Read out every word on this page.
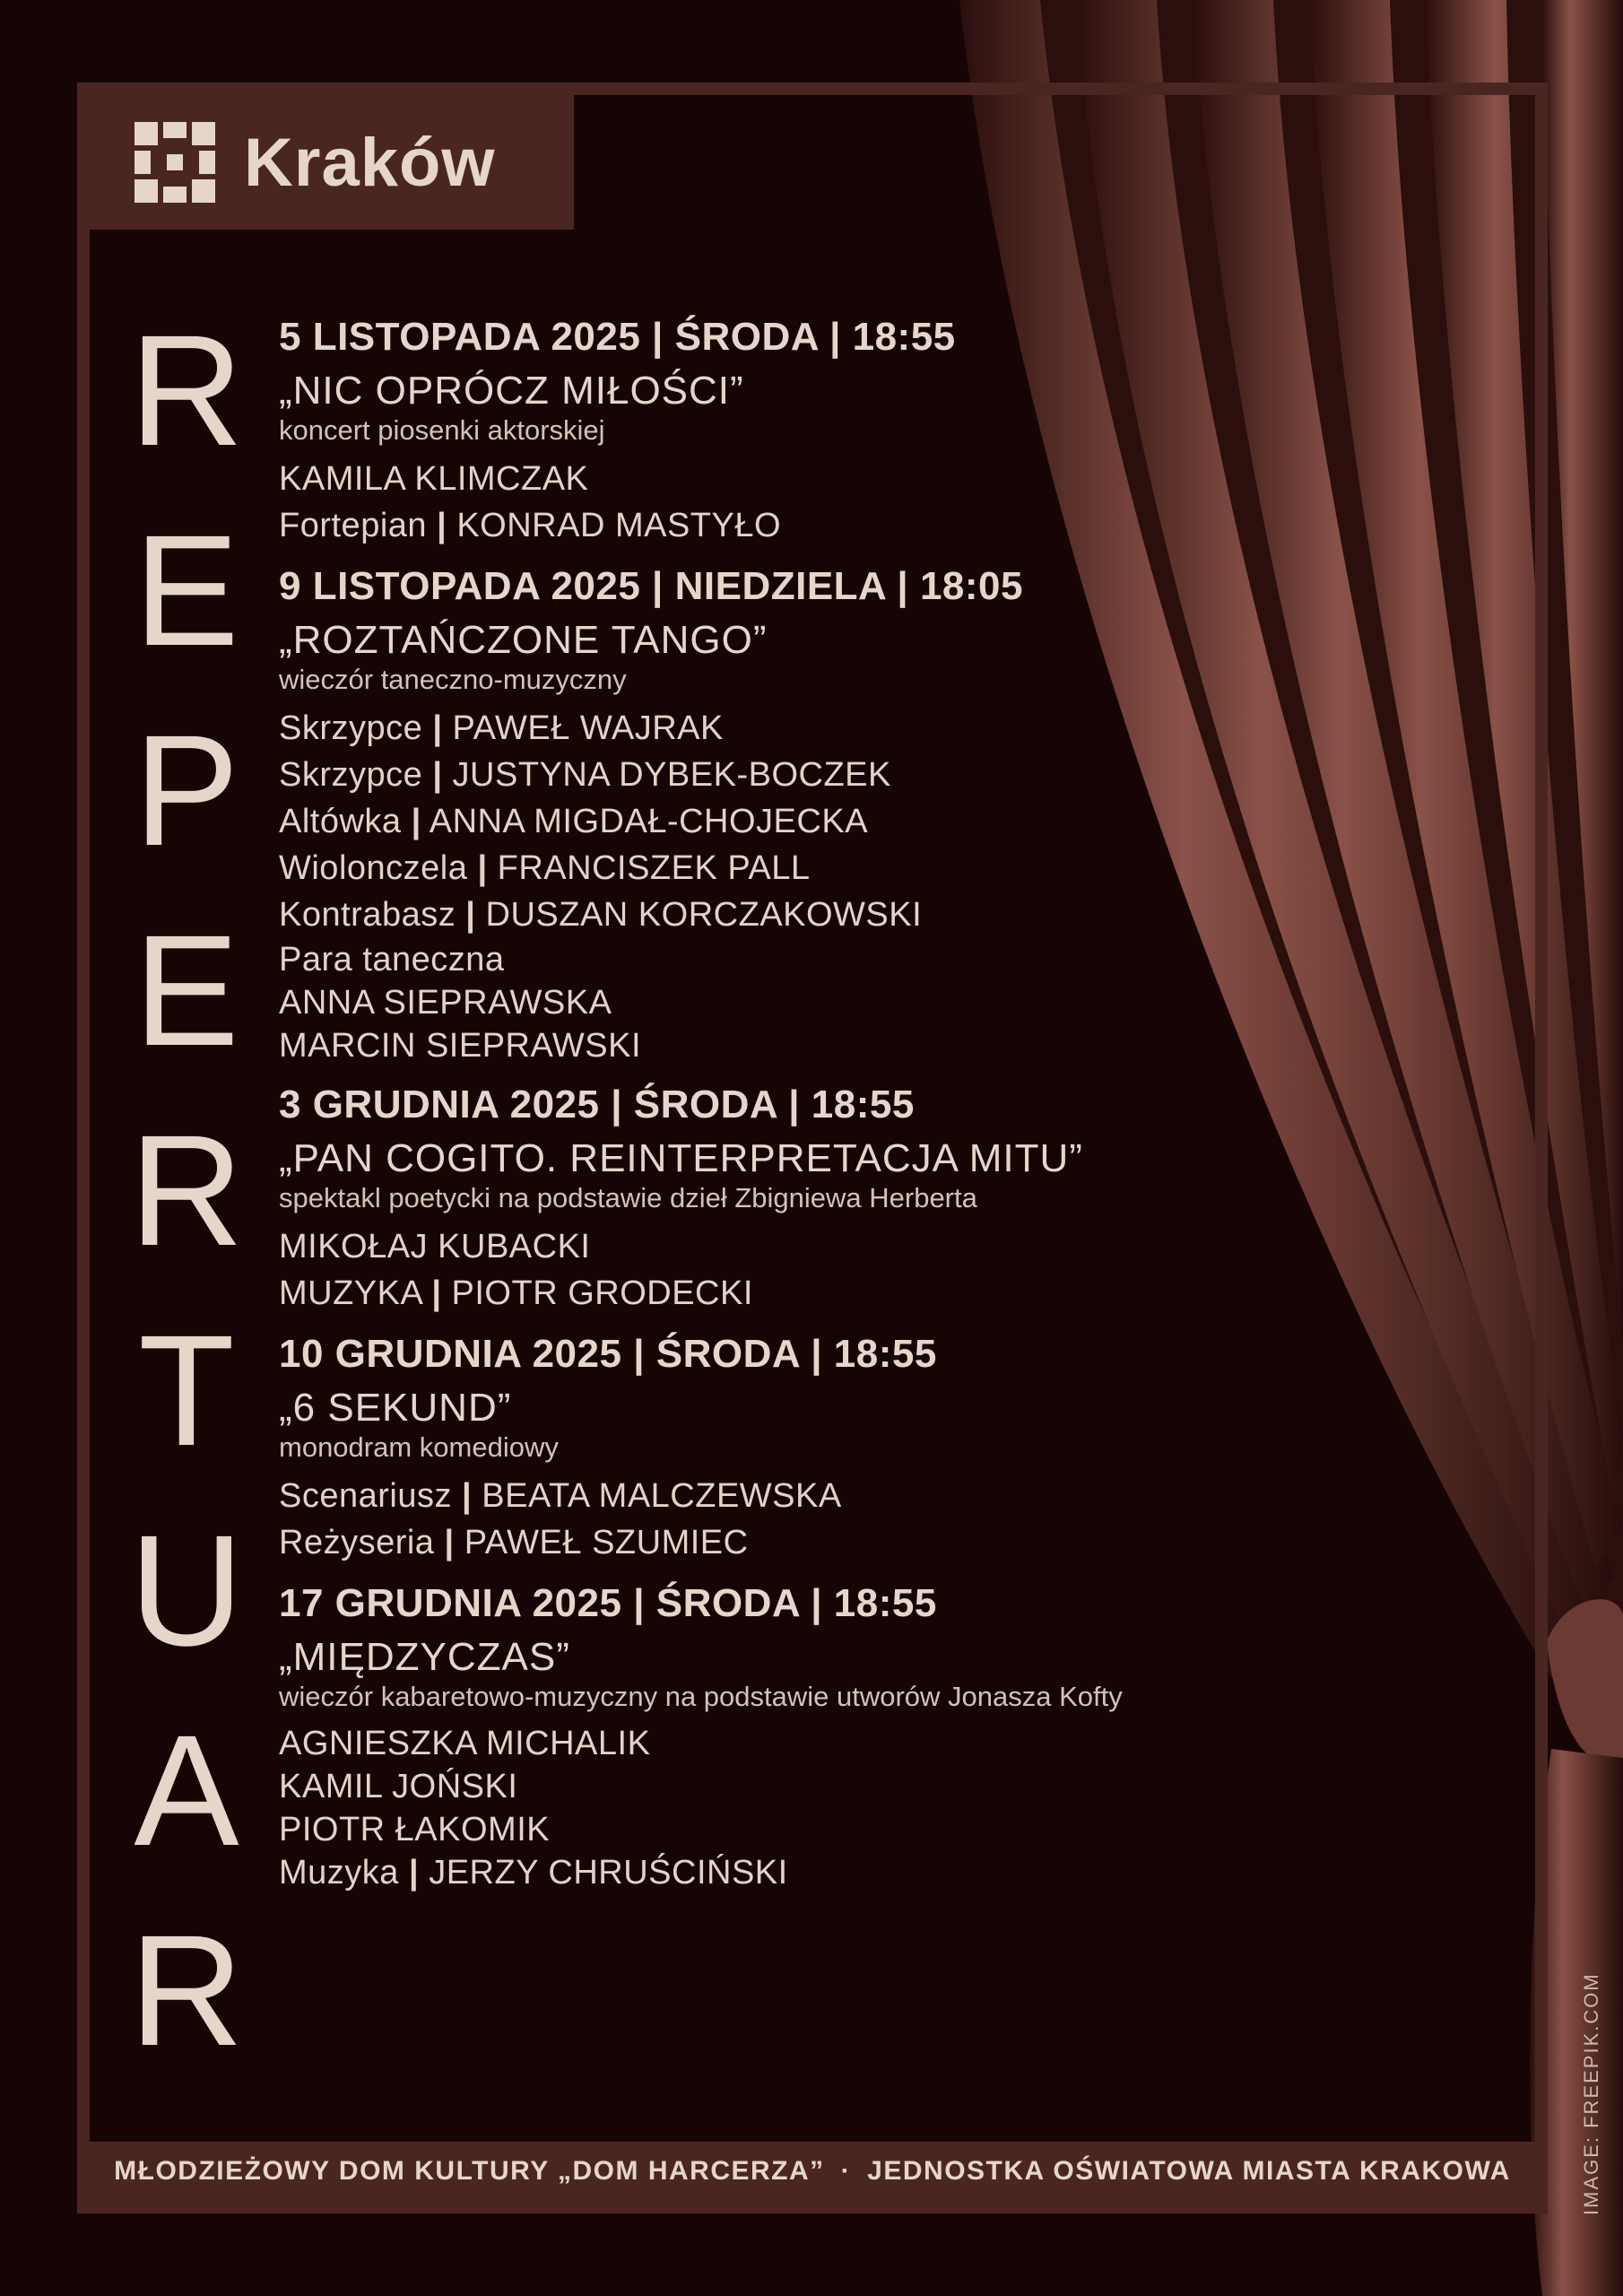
Kraków
R
E
P
E
R
T
U
A
R
5 LISTOPADA 2025 | ŚRODA | 18:55
„NIC OPRÓCZ MIŁOŚCI”
koncert piosenki aktorskiej
KAMILA KLIMCZAK
Fortepian | KONRAD MASTYŁO
9 LISTOPADA 2025 | NIEDZIELA | 18:05
„ROZTAŃCZONE TANGO”
wieczór taneczno-muzyczny
Skrzypce | PAWEŁ WAJRAK
Skrzypce | JUSTYNA DYBEK-BOCZEK
Altówka | ANNA MIGDAŁ-CHOJECKA
Wiolonczela | FRANCISZEK PALL
Kontrabasz | DUSZAN KORCZAKOWSKI
Para taneczna
ANNA SIEPRAWSKA
MARCIN SIEPRAWSKI
3 GRUDNIA 2025 | ŚRODA | 18:55
„PAN COGITO. REINTERPRETACJA MITU”
spektakl poetycki na podstawie dzieł Zbigniewa Herberta
MIKOŁAJ KUBACKI
MUZYKA | PIOTR GRODECKI
10 GRUDNIA 2025 | ŚRODA | 18:55
„6 SEKUND”
monodram komediowy
Scenariusz | BEATA MALCZEWSKA
Reżyseria | PAWEŁ SZUMIEC
17 GRUDNIA 2025 | ŚRODA | 18:55
„MIĘDZYCZAS”
wieczór kabaretowo-muzyczny na podstawie utworów Jonasza Kofty
AGNIESZKA MICHALIK
KAMIL JOŃSKI
PIOTR ŁAKOMIK
Muzyka | JERZY CHRUŚCIŃSKI
MŁODZIEŻOWY DOM KULTURY „DOM HARCERZA” · JEDNOSTKA OŚWIATOWA MIASTA KRAKOWA	IMAGE: FREEPIK.COM
